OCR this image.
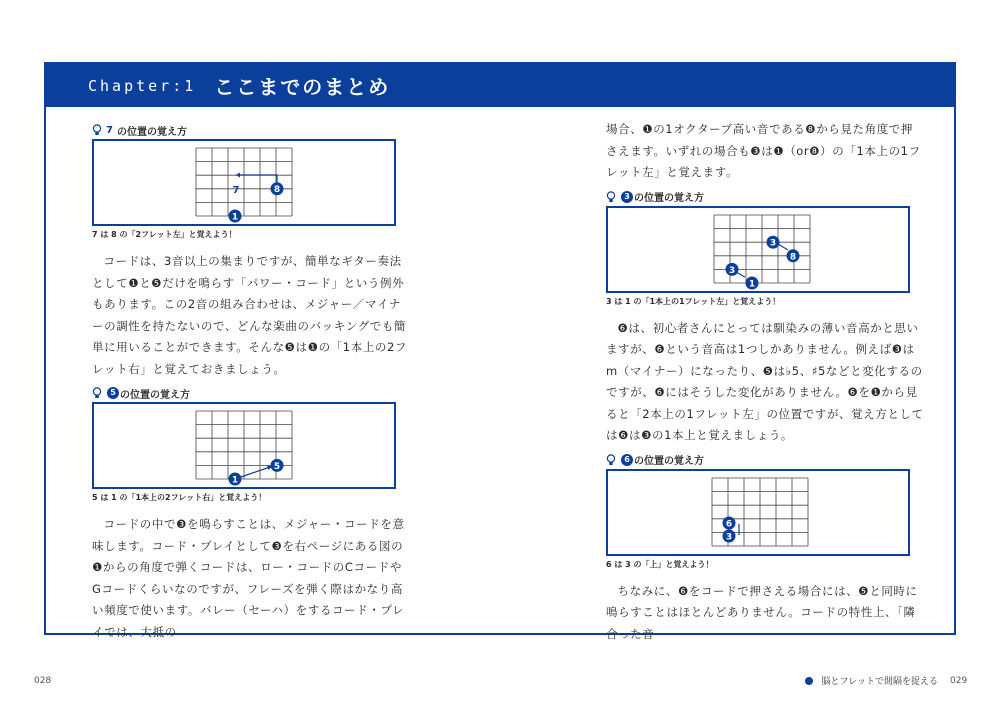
Chapter:1 ここまでのまとめ
7 の位置の覚え方
8
7
1
7 は 8 の「2フレット左」と覚えよう！

コードは、3音以上の集まりですが、簡単なギター奏法として❶と❺だけを鳴らす「パワー・コード」という例外もあります。この2音の組み合わせは、メジャー／マイナーの調性を持たないので、どんな楽曲のバッキングでも簡単に用いることができます。そんな❺は❶の「1本上の2フレット右」と覚えておきましょう。

5 の位置の覚え方
1
5
5 は 1 の「1本上の2フレット右」と覚えよう！

コードの中で❸を鳴らすことは、メジャー・コードを意味します。コード・プレイとして❸を右ページにある図の❶からの角度で弾くコードは、ロー・コードのCコードやGコードくらいなのですが、フレーズを弾く際はかなり高い頻度で使います。バレー（セーハ）をするコード・プレイでは、大抵の

場合、❶の1オクターブ高い音である❽から見た角度で押さえます。いずれの場合も❸は❶（or❽）の「1本上の1フレット左」と覚えます。

3 の位置の覚え方
3
8
3
1
3 は 1 の「1本上の1フレット左」と覚えよう！

❻は、初心者さんにとっては馴染みの薄い音高かと思いますが、❻という音高は1つしかありません。例えば❸はm（マイナー）になったり、❺は♭5、♯5などと変化するのですが、❻にはそうした変化がありません。❻を❶から見ると「2本上の1フレット左」の位置ですが、覚え方としては❻は❸の1本上と覚えましょう。

6 の位置の覚え方
6
3
6 は 3 の「上」と覚えよう！

ちなみに、❻をコードで押さえる場合には、❺と同時に鳴らすことはほとんどありません。コードの特性上、「隣合った音

028	脳とフレットで間隔を捉える 029
